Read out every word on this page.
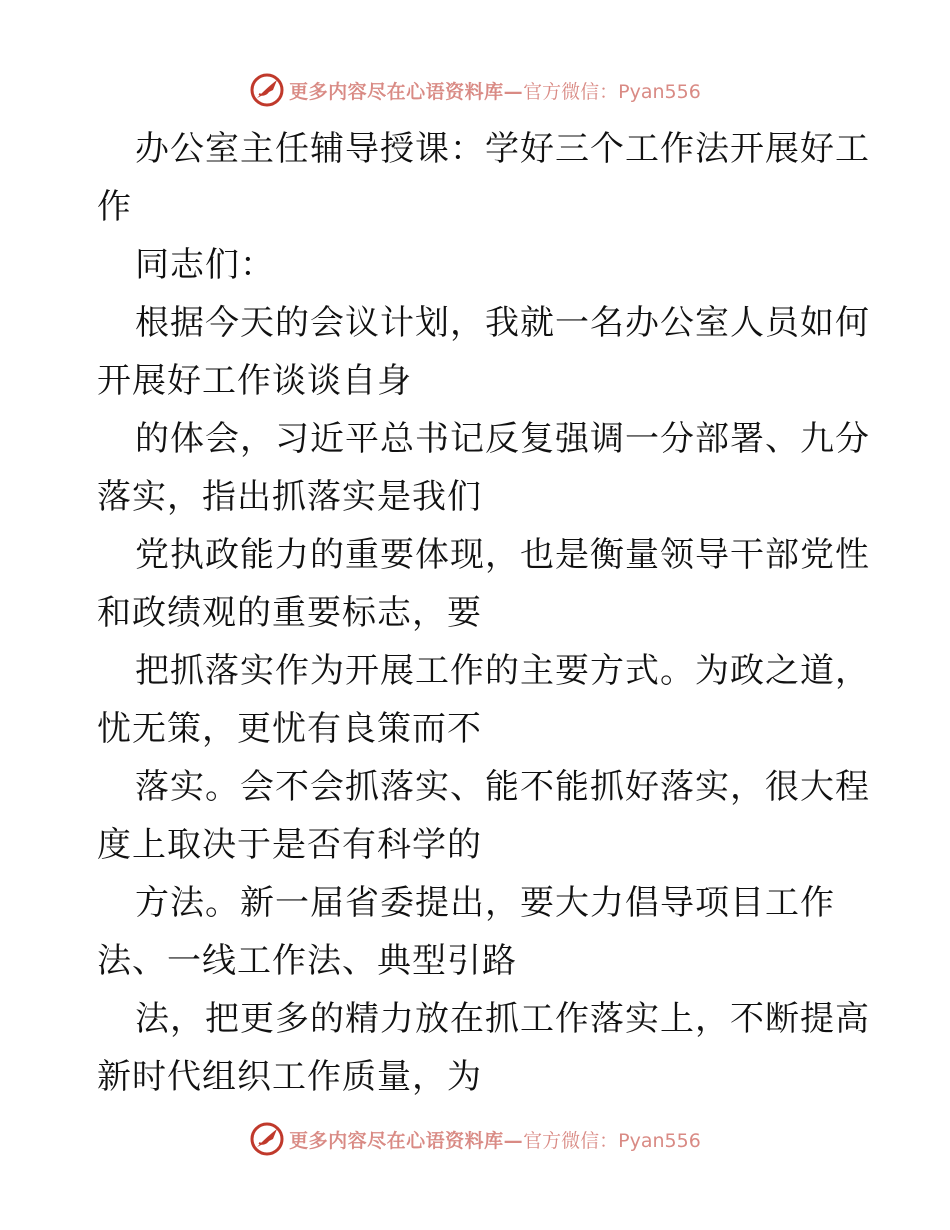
更多内容尽在心语资料库— 官方微信：Pyan556
办公室主任辅导授课：学好三个工作法开展好工
作
同志们：
根据今天的会议计划，我就一名办公室人员如何
开展好工作谈谈自身
的体会，习近平总书记反复强调一分部署、九分
落实，指出抓落实是我们
党执政能力的重要体现，也是衡量领导干部党性
和政绩观的重要标志，要
把抓落实作为开展工作的主要方式。为政之道，
忧无策，更忧有良策而不
落实。会不会抓落实、能不能抓好落实，很大程
度上取决于是否有科学的
方法。新一届省委提出，要大力倡导项目工作
法、一线工作法、典型引路
法，把更多的精力放在抓工作落实上，不断提高
新时代组织工作质量，为
更多内容尽在心语资料库— 官方微信：Pyan556
